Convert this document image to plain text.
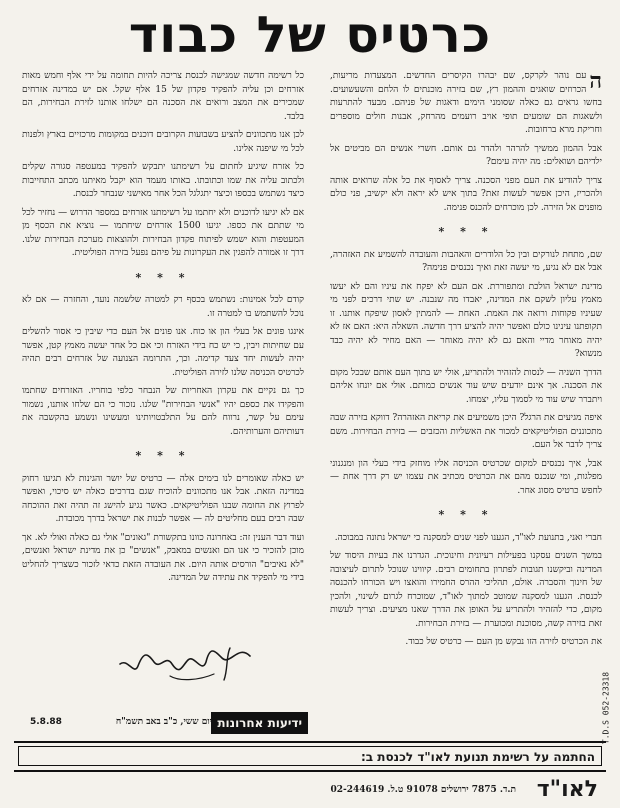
כרטיס של כבוד

ה
עם נוהר לקרקס, שם יבהרו הקיסרים החדשים. המצעדות מריעות, הכרוזים שואגים וההמון רץ, שם בזירה מוכנתים לו הלחם והשעשועים. בחשו גראים גם כאלה שסומני הימים ודאגות של פניהם. מבעד להתרעות ולשאגות הם שומעים תופי אויב רועמים מהרחק, אבנות חולים מוספרים וחריקת מרא ברחובות.

אבל ההמון ממשיך להרהר ולהדר גם אותם. חשרי אנשים הם מביטים אל ילדיהם ושואלים: מה יהיה עימם?

צריך להודיע את העם מפני הסכנה. צריך לאסוף את כל אלה שרואים אותה ולהכריז, היכן אפשר לעשות זאת? בתוך איש לא יראה ולא יקשיב, פני כולם מופנים אל הזירה. לכן מוכרחים להכנס פנימה.

* * *

שם, מתחת לנורקים ובין כל הלודרים והאהבות והעובדה להשמיע את האזהרה, אבל אם לא נגיע, מי יעשה זאת ואיך נכנסים פנימה?

מדינת ישראל הולכת ומתפוררת. אם העם לא יפקח את עיניו והם לא יעשו מאמץ עליון לשקם את המדינה, יאבדו מה שנבנה. יש שתי דרכים לפני מי שעיניו פקוחות ורואה את האמת. האחת — להמתין לאסון שיפקח אותנו. זו תקופתנו עינינו כולם ואפשר יהיה להציע דרך חדשה. השאלה היא: האם אז לא יהיה מאוחר מדיי והאם גם לא יהיה מאוחר — האם מחיר לא יהיה כבד מנשוא?

הדרך השניה — לנסות להזהיר ולהתריע, אולי יש בתוך העם אותם שבכל מקום את הסכנה. אך אינם יודעים שיש עוד אנשים כמותם. אולי אם יונחו אליהם ויתברר שיש עוד מי לסמוך עליו, יצמחו.

איפה מגיעים את הרגל? היכן משמיעים את קריאת האזהרה? דווקא בזירה שבה מתכוננים הפוליטיקאים למכור את האשליות והכזבים — בזירת הבחירות. משם צריך לדבר אל העם.

אבל, איך נכנסים למקום שכרטיס הכניסה אליו מוחזק בידי בעלי הון ומנגנוני מפלגות, ומי שנכנס מהם את הכרטיס מכתיב את עצמו יש רק דרך אחת — לחפש כרטיס מסוג אחר.

* * *

חברי ואני, בתנועת לאו"ד, הגענו לפני שנים למסקנה כי ישראל נתונה במבוכה.

במשך השנים עסקנו בפעילות רעיונית וחינוכית. הגדרנו את בעיות היסוד של המדינה וביקשנו תגובות לפתרון בתחומים רבים. קיווינו שנוכל לתרום לעיצובה של חינוך והסברה. אולם, תהליכי ההרס החמירו והואצו ויש הכורחו להכנסה לכנסת. הגענו למסקנה שמוטב למתוך לאו"ד, שמוכרח לגרום לשינוי, ולהכין מקום, כדי להזהיר ולהתריע על האופן את הדרך שאנו מציעים. וצריך לעשות זאת בזירה קשה, מסוכנת ומכוערת — בזירת הבחירות.

את הכרטיס לזירה הזו נבקש מן העם — כרטיס של כבוד.

כל רשימה חדשה שמגישה לכנסת צריכה להיות תחומה על ידי אלף וחמש מאות אזרחים וכן עליה להפקיד פקדון של 15 אלף שקל. אם יש במדינה אזרחים שמכירים את המצב ורואים את הסכנה הם ישלחו אותנו לזירת הבחירות, הם בלבד.

לכן אנו מתכוונים להציע בשבועות הקרובים דוכנים במקומות מרכזיים בארץ ולפנות לכל מי שיפנה אלינו.

כל אזרח שיגיע לחתום על רשימתנו יתבקש להפקיד במעטפה סגורה שקלים ולכתוב עליה את שמו וכתובתו. באותו מעמד הוא יקבל מאיתנו מכתב התחייבות כיצד נשתמש בכספו וכיצד יתגלגל הכל אחר מאישני שנבחר לכנסת.

אם לא יגיעו לדוכנים ולא יחתמו על רשימתנו אזרחים במספר הדרוש — נחזיר לכל מי שתתם את כספו. יגיעו 1500 אזרחים שיחתמו — נוציא את הכסף מן המעטפות והוא ישמש לפיתוח פקדון הבחירות ולהוצאות מערכת הבחירות שלנו. דרך זו אמורה להפגין את העקרונות על פיהם נפעל בזירה הפוליטית.

* * *

קודם לכל אמינות: נשתמש בכסף רק למטרה שלשמה נועד, והחזרה — אם לא נוכל להשתמש בו למטרה זו.

אינגו פונים אל בעלי הון או כוח. אנו פונים אל העם כדי שיבין כי אסור להשלים עם שחיתות ויבין, כי יש כח בידי האזרח וכי אם כל אחד יעשה מאמץ קטן, אפשר יהיה לעשות יחד צעד קדימה. וכך, התרומה הצנועה של אזרחים רבים תהיה לכרטיס הכניסה שלנו לזירה הפוליטית.

כך גם נקיים את עקרון האחריות של הנבחר כלפי בוחריו. האזרחים שחתמו והפקידו את כספם יהיו "אנשי הבחירות" שלנו. נזכור כי הם שלחו אותנו, נשמור עימם על קשר, נרווח להם על התלבטויותינו ומעשינו ונשמע בהקשבה את דעותיהם והערותיהם.

* * *

יש כאלה שאומרים לנו בימים אלה — כרטיס של יושר והגינות לא תגיעו רחוק במדינה הזאת. אבל אנו מתכוונים להוכיח שגם בדרכים כאלה יש סיכוי, ואפשר לפרוץ את החומה שבנו הפוליטיקאים. כאשר נגיע להישג זה תהיה זאת ההוכחה שבה רבים בעם מחליטים לה — אפשר לבנות את ישראל בדרך מכובדת.

ועוד דבר הענין זה: באחרונה כוונו בתקשורת "גאונים" אולי גם כאלה ואולי לא. אך מוכן להזכיר כי אנו הם ואנשים במאבק, "אנשים" כן את מדינת ישראל ואנשים, "לא נאיבים" הורסים אותה היום. את העובדה הזאת כדאי לזכור כשצריך להחליט בידי מי להפקיד את עתידה של המדינה.

ידיעות אחרונות
יום ששי, כ"ב באב תשמ"ח
5.8.88
החתמה על רשימת תנועת לאו"ד לכנסת ב:
לאו"ד
ת.ד. 7875 ירושלים 91078 ט.ל. 02-244619
T.D.S 052-23318
